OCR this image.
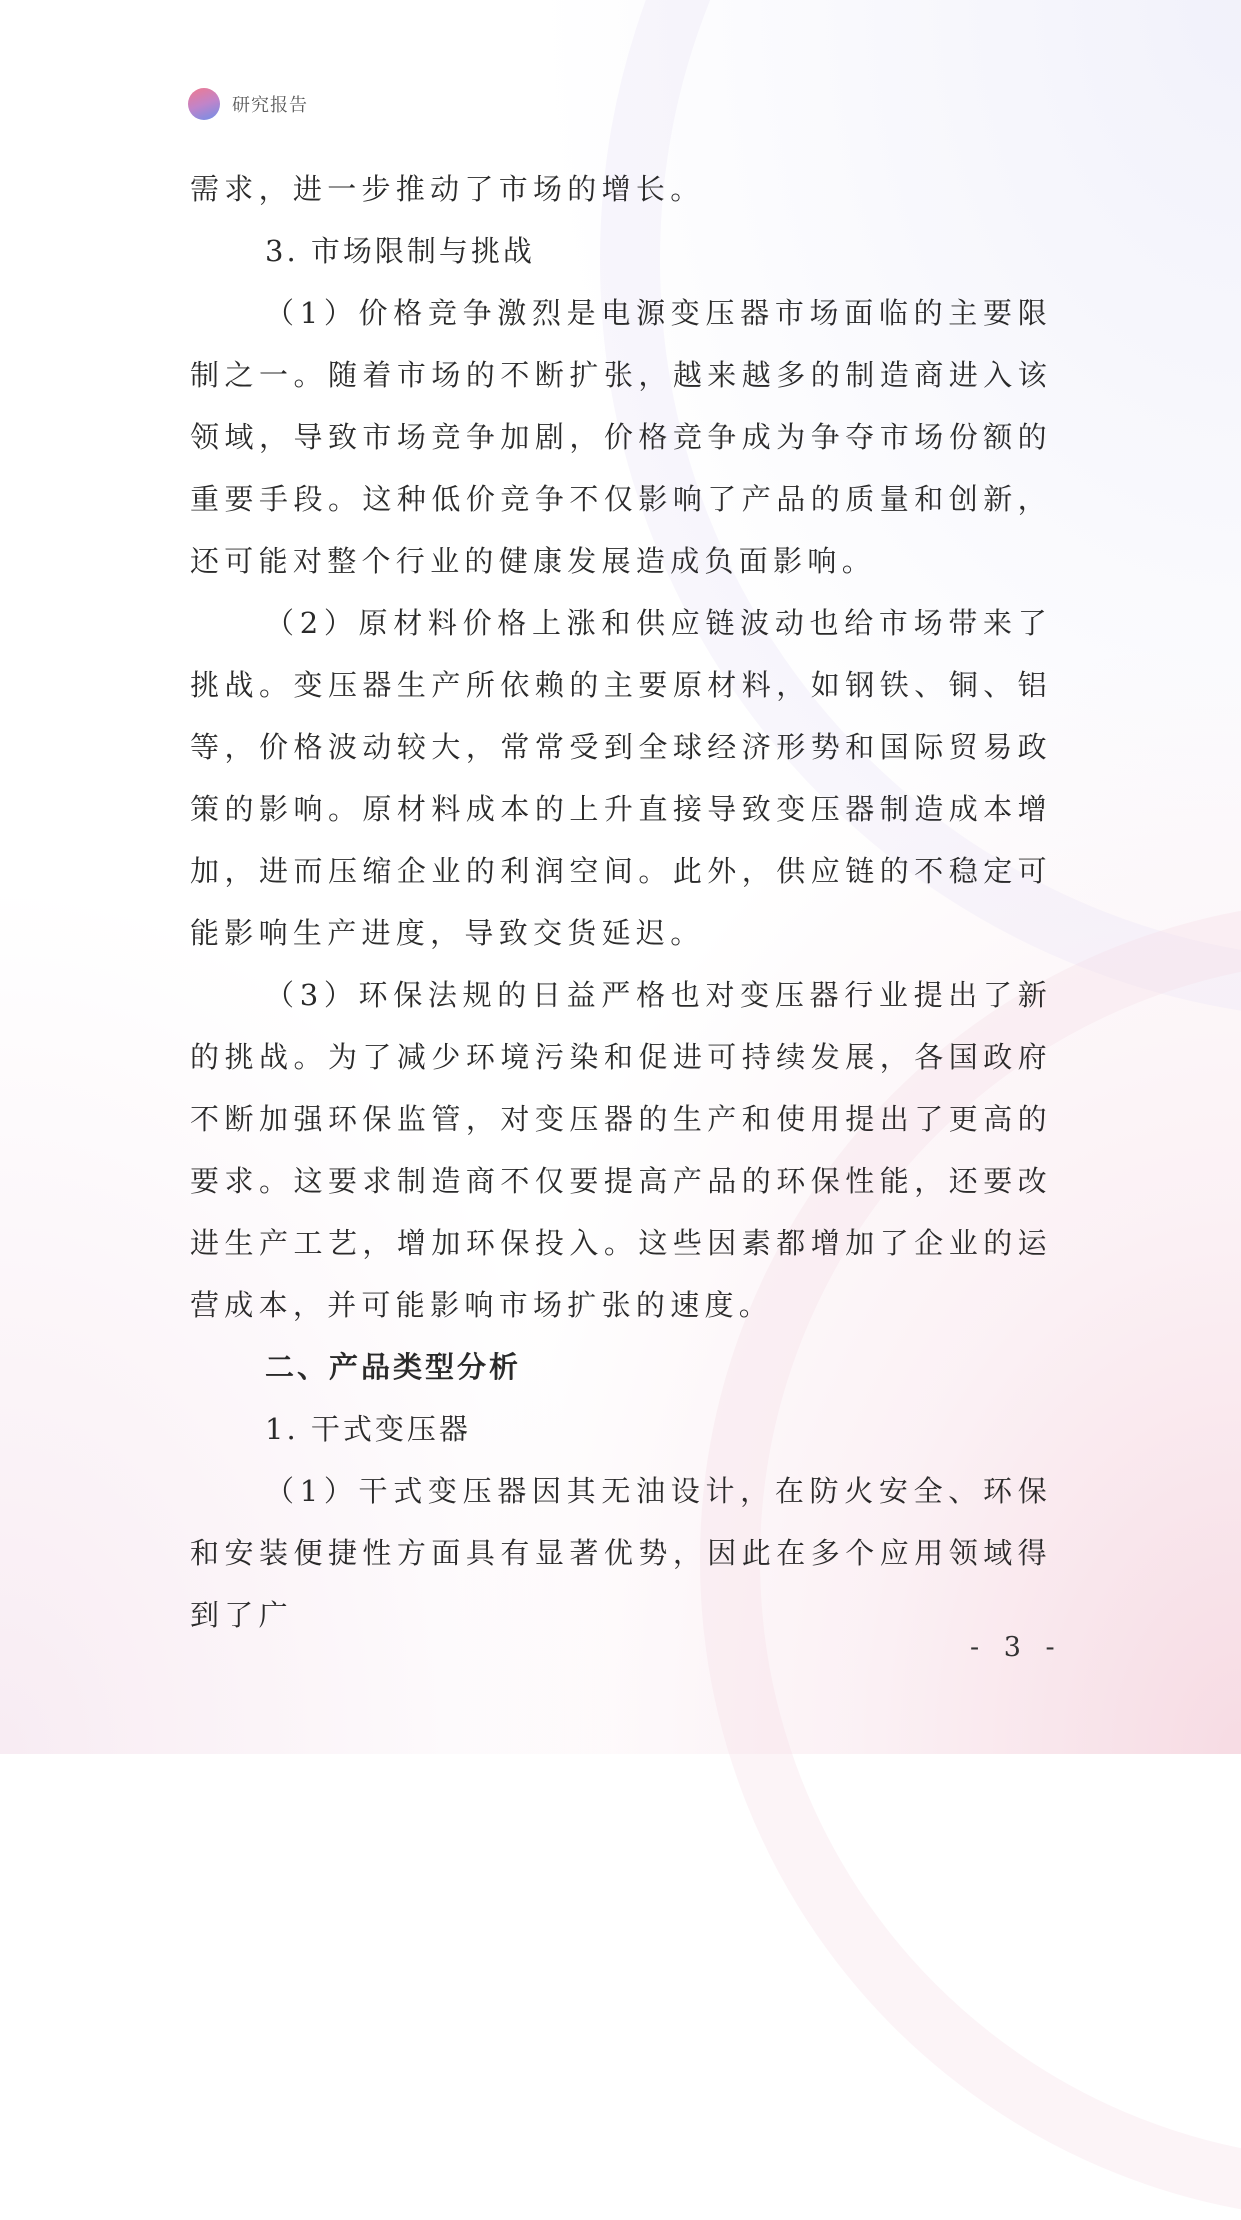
研究报告

需求，进一步推动了市场的增长。

3. 市场限制与挑战

（1）价格竞争激烈是电源变压器市场面临的主要限制之一。随着市场的不断扩张，越来越多的制造商进入该领域，导致市场竞争加剧，价格竞争成为争夺市场份额的重要手段。这种低价竞争不仅影响了产品的质量和创新，还可能对整个行业的健康发展造成负面影响。

（2）原材料价格上涨和供应链波动也给市场带来了挑战。变压器生产所依赖的主要原材料，如钢铁、铜、铝等，价格波动较大，常常受到全球经济形势和国际贸易政策的影响。原材料成本的上升直接导致变压器制造成本增加，进而压缩企业的利润空间。此外，供应链的不稳定可能影响生产进度，导致交货延迟。

（3）环保法规的日益严格也对变压器行业提出了新的挑战。为了减少环境污染和促进可持续发展，各国政府不断加强环保监管，对变压器的生产和使用提出了更高的要求。这要求制造商不仅要提高产品的环保性能，还要改进生产工艺，增加环保投入。这些因素都增加了企业的运营成本，并可能影响市场扩张的速度。

二、产品类型分析

1. 干式变压器

（1）干式变压器因其无油设计，在防火安全、环保和安装便捷性方面具有显著优势，因此在多个应用领域得到了广

- 3 -
